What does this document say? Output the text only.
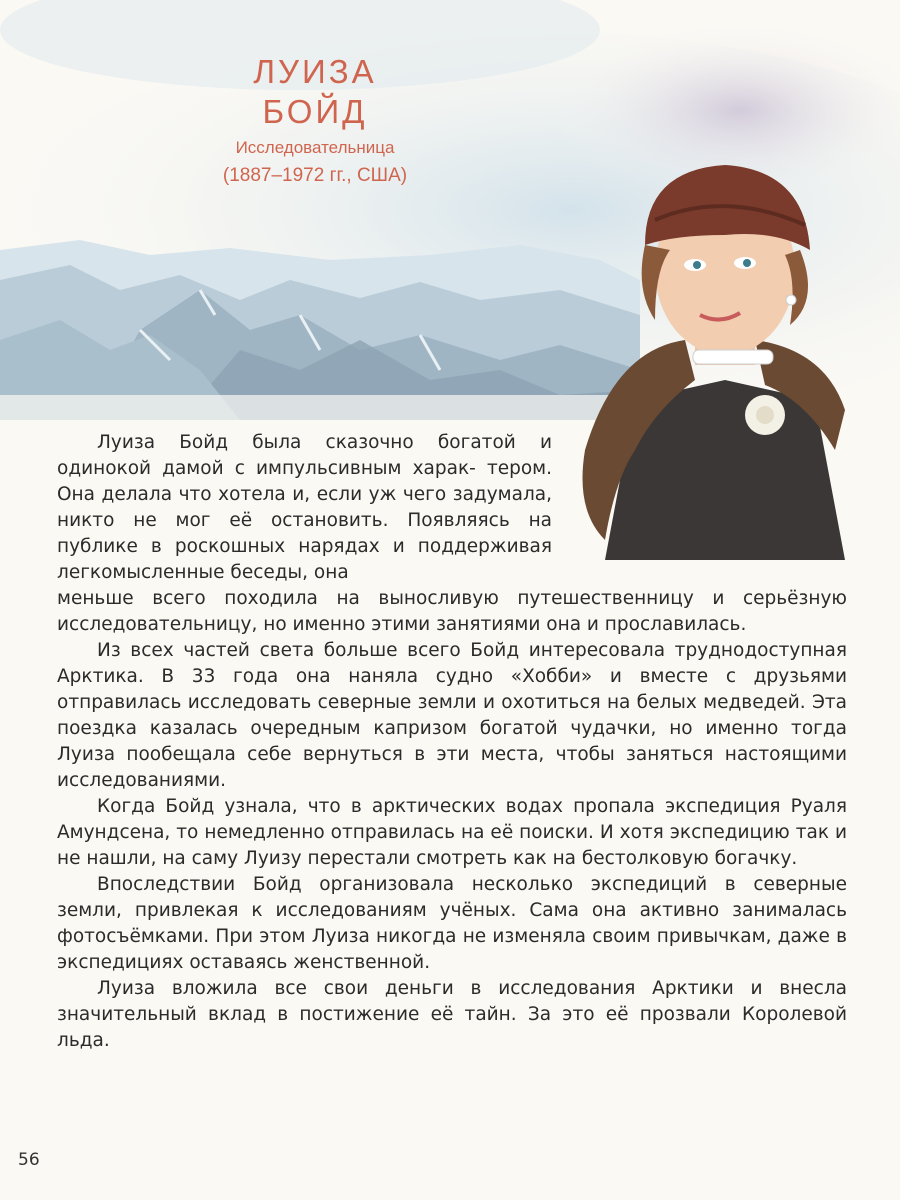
ЛУИЗА БОЙД
Исследовательница
(1887–1972 гг., США)

Луиза Бойд была сказочно богатой и одинокой дамой с импульсивным харак- тером. Она делала что хотела и, если уж чего задумала, никто не мог её остановить. Появляясь на публике в роскошных нарядах и поддерживая легкомысленные беседы, она

меньше всего походила на выносливую путешественницу и серьёзную исследовательницу, но именно этими занятиями она и прославилась.

Из всех частей света больше всего Бойд интересовала труднодоступная Арктика. В 33 года она наняла судно «Хобби» и вместе с друзьями отправилась исследовать северные земли и охотиться на белых медведей. Эта поездка казалась очередным капризом богатой чудачки, но именно тогда Луиза пообещала себе вернуться в эти места, чтобы заняться настоящими исследованиями.

Когда Бойд узнала, что в арктических водах пропала экспедиция Руаля Амундсена, то немедленно отправилась на её поиски. И хотя экспедицию так и не нашли, на саму Луизу перестали смотреть как на бестолковую богачку.

Впоследствии Бойд организовала несколько экспедиций в северные земли, привлекая к исследованиям учёных. Сама она активно занималась фотосъёмками. При этом Луиза никогда не изменяла своим привычкам, даже в экспедициях оставаясь женственной.

Луиза вложила все свои деньги в исследования Арктики и внесла значительный вклад в постижение её тайн. За это её прозвали Королевой льда.

56
